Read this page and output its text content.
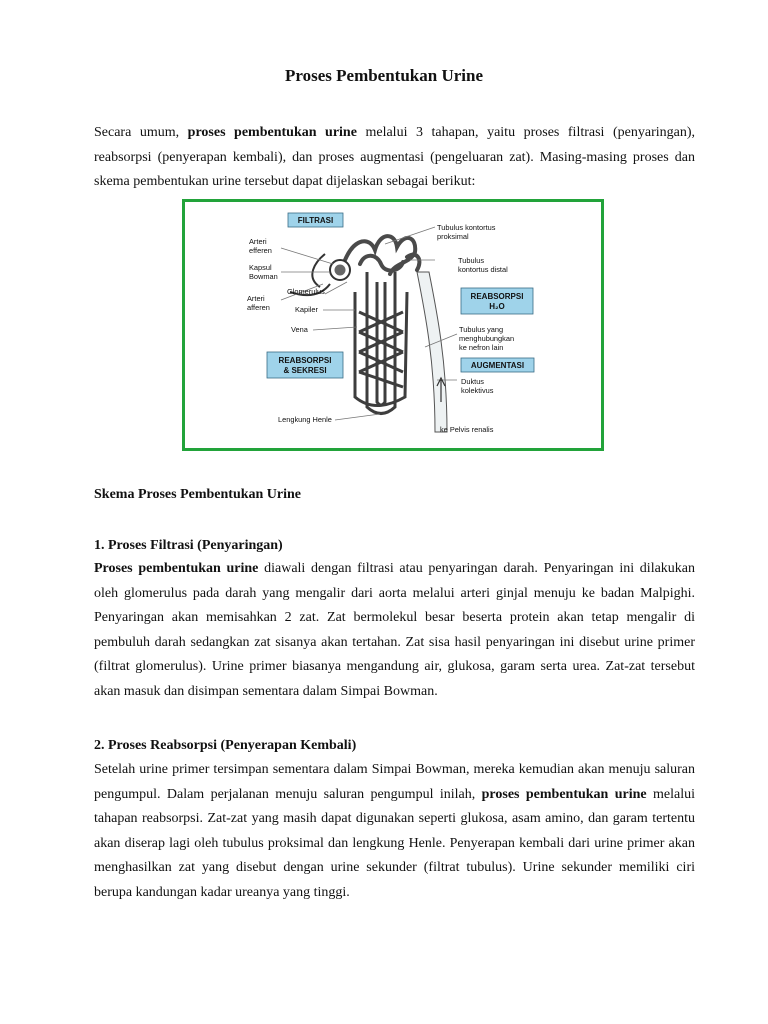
Proses Pembentukan Urine

Secara umum, proses pembentukan urine melalui 3 tahapan, yaitu proses filtrasi (penyaringan), reabsorpsi (penyerapan kembali), dan proses augmentasi (pengeluaran zat). Masing-masing proses dan skema pembentukan urine tersebut dapat dijelaskan sebagai berikut:

FILTRASI
REABSORPSI
H₂O
REABSORPSI
& SEKRESI
AUGMENTASI
Arteri
efferen
Kapsul
Bowman
Glomerulus
Arteri
afferen	Kapiler
Vena
Lengkung Henle
Tubulus kontortus
proksimal
Tubulus
kontortus distal
Tubulus yang
menghubungkan
ke nefron lain
Duktus
kolektivus
ke Pelvis renalis

Skema Proses Pembentukan Urine

1. Proses Filtrasi (Penyaringan)

Proses pembentukan urine diawali dengan filtrasi atau penyaringan darah. Penyaringan ini dilakukan oleh glomerulus pada darah yang mengalir dari aorta melalui arteri ginjal menuju ke badan Malpighi. Penyaringan akan memisahkan 2 zat. Zat bermolekul besar beserta protein akan tetap mengalir di pembuluh darah sedangkan zat sisanya akan tertahan. Zat sisa hasil penyaringan ini disebut urine primer (filtrat glomerulus). Urine primer biasanya mengandung air, glukosa, garam serta urea. Zat-zat tersebut akan masuk dan disimpan sementara dalam Simpai Bowman.

2. Proses Reabsorpsi (Penyerapan Kembali)

Setelah urine primer tersimpan sementara dalam Simpai Bowman, mereka kemudian akan menuju saluran pengumpul. Dalam perjalanan menuju saluran pengumpul inilah, proses pembentukan urine melalui tahapan reabsorpsi. Zat-zat yang masih dapat digunakan seperti glukosa, asam amino, dan garam tertentu akan diserap lagi oleh tubulus proksimal dan lengkung Henle. Penyerapan kembali dari urine primer akan menghasilkan zat yang disebut dengan urine sekunder (filtrat tubulus). Urine sekunder memiliki ciri berupa kandungan kadar ureanya yang tinggi.
